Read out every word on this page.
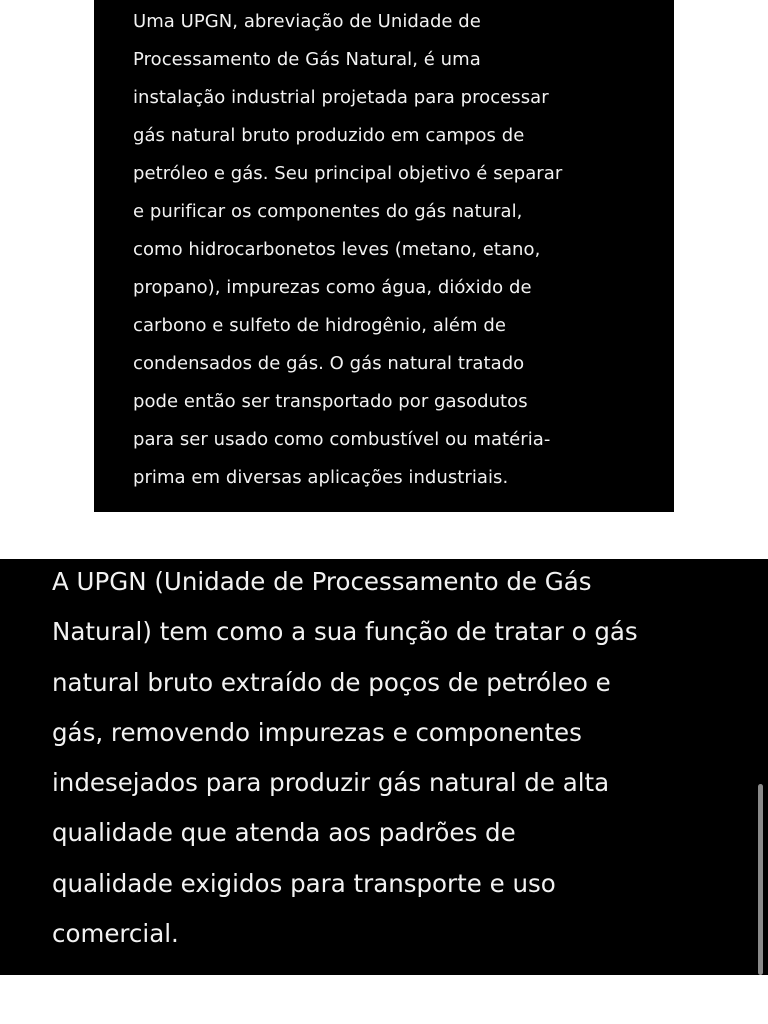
Uma UPGN, abreviação de Unidade de
Processamento de Gás Natural, é uma
instalação industrial projetada para processar
gás natural bruto produzido em campos de
petróleo e gás. Seu principal objetivo é separar
e purificar os componentes do gás natural,
como hidrocarbonetos leves (metano, etano,
propano), impurezas como água, dióxido de
carbono e sulfeto de hidrogênio, além de
condensados de gás. O gás natural tratado
pode então ser transportado por gasodutos
para ser usado como combustível ou matéria-
prima em diversas aplicações industriais.
A UPGN (Unidade de Processamento de Gás
Natural) tem como a sua função de tratar o gás
natural bruto extraído de poços de petróleo e
gás, removendo impurezas e componentes
indesejados para produzir gás natural de alta
qualidade que atenda aos padrões de
qualidade exigidos para transporte e uso
comercial.
